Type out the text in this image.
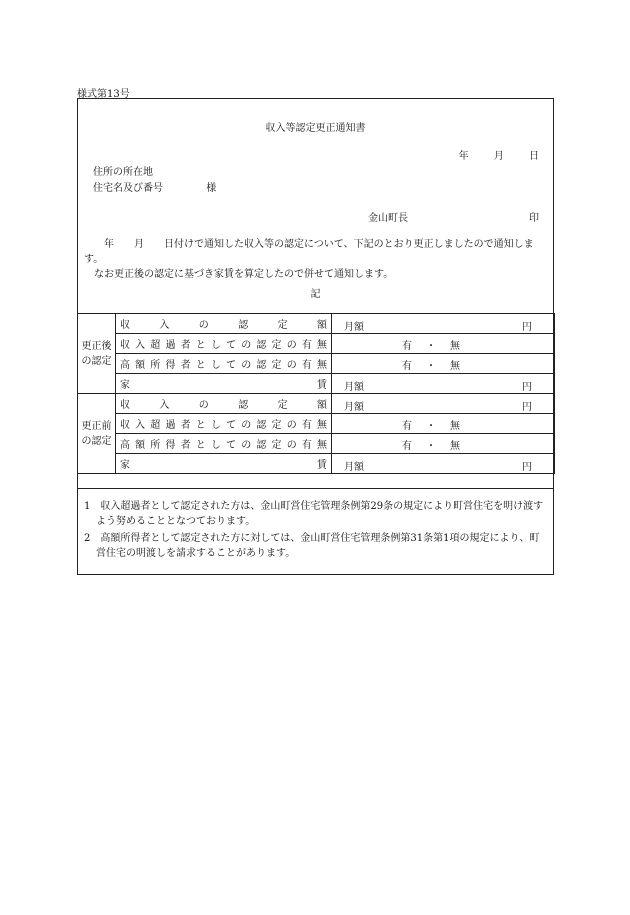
様式第13号
収入等認定更正通知書
年	月	日
住所の所在地
住宅名及び番号	様
金山町長	印

　　年　　月　　日付けで通知した収入等の認定について、下記のとおり更正しましたので通知します。

　なお更正後の認定に基づき家賃を算定したので併せて通知します。

記
更正後の認定	収入の認定額	月額 円

	収入超過者としての認定の有無	有 ・ 無

	高額所得者としての認定の有無	有 ・ 無

	家賃	月額 円

更正前の認定	収入の認定額	月額 円

	収入超過者としての認定の有無	有 ・ 無

	高額所得者としての認定の有無	有 ・ 無

	家賃	月額 円

1　収入超過者として認定された方は、金山町営住宅管理条例第29条の規定により町営住宅を明け渡すよう努めることとなつております。

2　高額所得者として認定された方に対しては、金山町営住宅管理条例第31条第1項の規定により、町営住宅の明渡しを請求することがあります。
